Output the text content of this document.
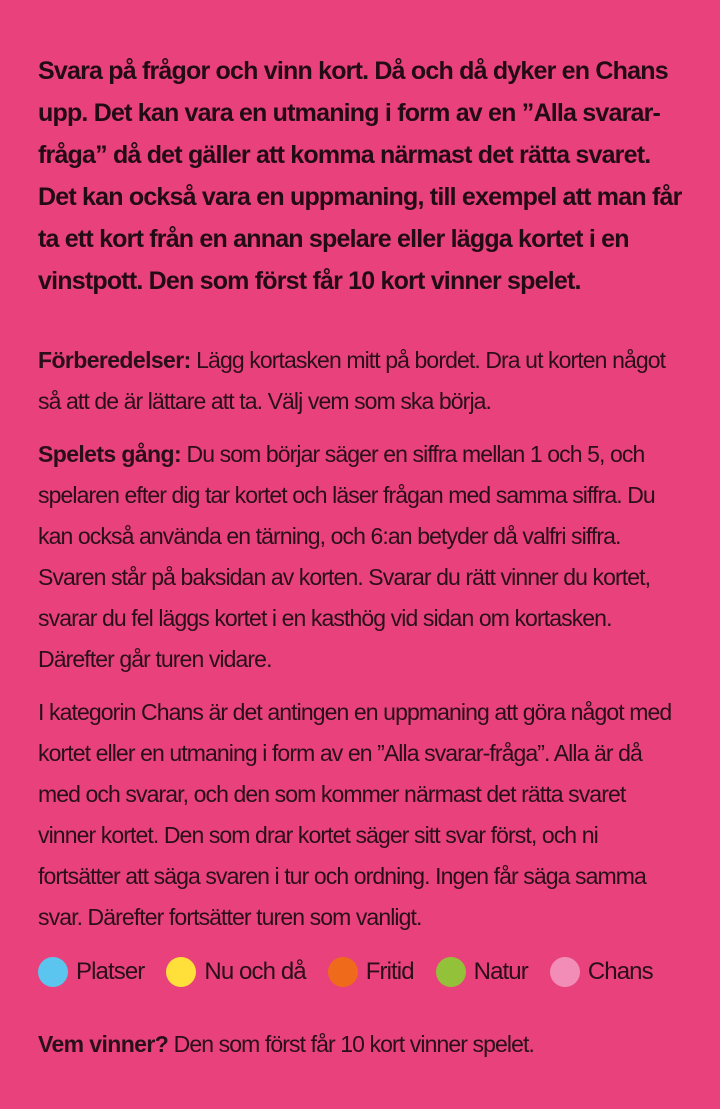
Svara på frågor och vinn kort. Då och då dyker en Chans upp. Det kan vara en utmaning i form av en ”Alla svarar-fråga” då det gäller att komma närmast det rätta svaret. Det kan också vara en uppmaning, till exempel att man får ta ett kort från en annan spelare eller lägga kortet i en vinstpott. Den som först får 10 kort vinner spelet.

Förberedelser: Lägg kortasken mitt på bordet. Dra ut korten något så att de är lättare att ta. Välj vem som ska börja.

Spelets gång: Du som börjar säger en siffra mellan 1 och 5, och spelaren efter dig tar kortet och läser frågan med samma siffra. Du kan också använda en tärning, och 6:an betyder då valfri siffra. Svaren står på baksidan av korten. Svarar du rätt vinner du kortet, svarar du fel läggs kortet i en kasthög vid sidan om kortasken. Därefter går turen vidare.

I kategorin Chans är det antingen en uppmaning att göra något med kortet eller en utmaning i form av en ”Alla svarar-fråga”. Alla är då med och svarar, och den som kommer närmast det rätta svaret vinner kortet. Den som drar kortet säger sitt svar först, och ni fortsätter att säga svaren i tur och ordning. Ingen får säga samma svar. Därefter fortsätter turen som vanligt.

Platser	Nu och då	Fritid	Natur	Chans

Vem vinner? Den som först får 10 kort vinner spelet.
